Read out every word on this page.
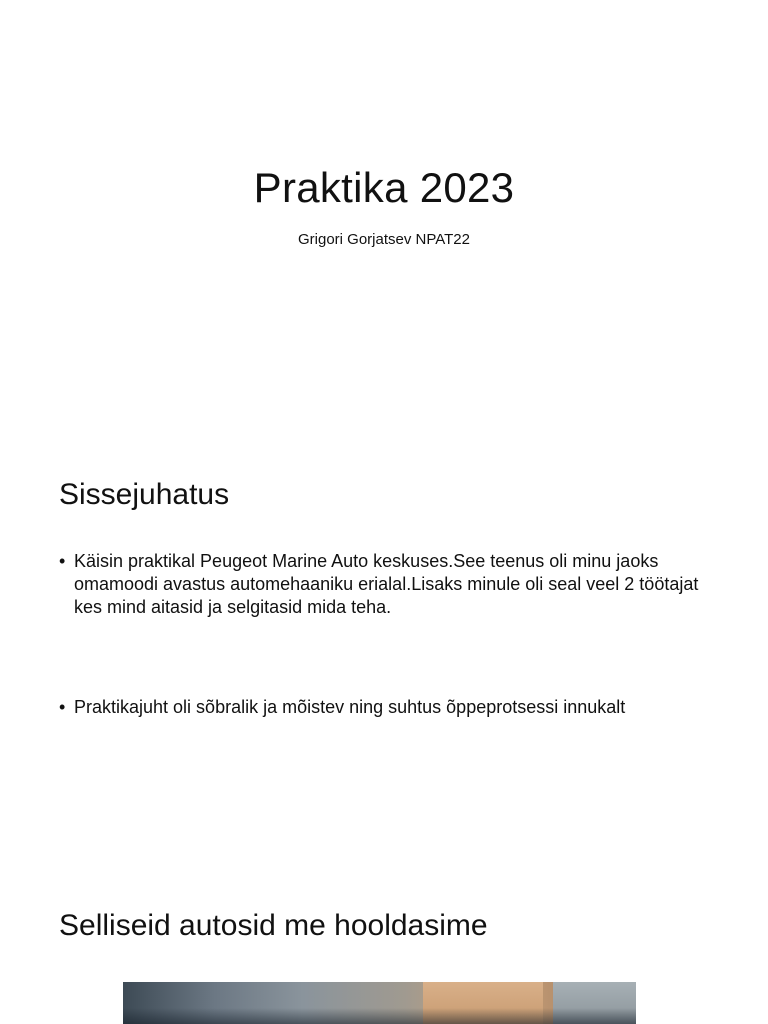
Praktika 2023
Grigori Gorjatsev NPAT22
Sissejuhatus
• Käisin praktikal Peugeot Marine Auto keskuses.See teenus oli minu jaoks omamoodi avastus automehaaniku erialal.Lisaks minule oli seal veel 2 töötajat kes mind aitasid ja selgitasid mida teha.
• Praktikajuht oli sõbralik ja mõistev ning suhtus õppeprotsessi innukalt
Selliseid autosid me hooldasime
